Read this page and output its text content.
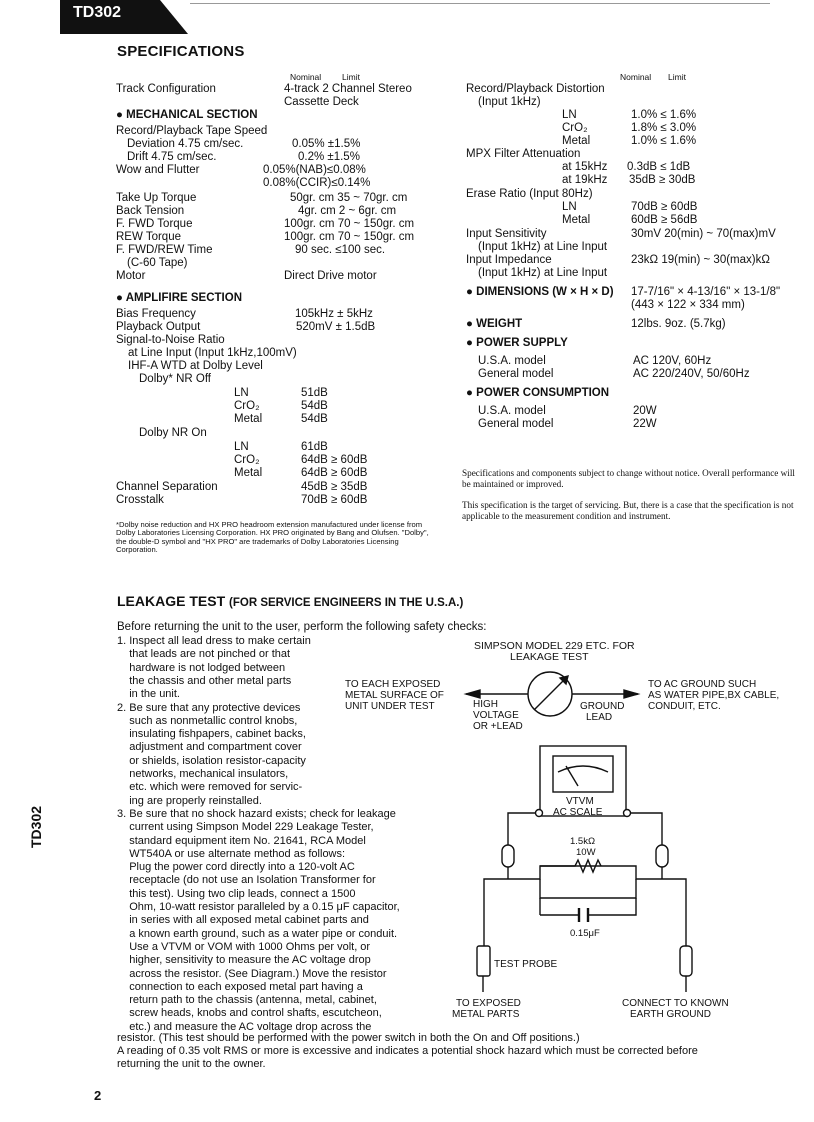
TD302
SPECIFICATIONS
Nominal Limit	Nominal Limit
Track Configuration	4-track 2 Channel Stereo
Cassette Deck
● MECHANICAL SECTION
Record/Playback Tape Speed
Deviation 4.75 cm/sec.	0.05% ±1.5%
Drift 4.75 cm/sec.	0.2% ±1.5%
Wow and Flutter	0.05%(NAB)≤0.08%
0.08%(CCIR)≤0.14%
Take Up Torque	50gr. cm 35 ~ 70gr. cm
Back Tension	4gr. cm 2 ~ 6gr. cm
F. FWD Torque	100gr. cm 70 ~ 150gr. cm
REW Torque	100gr. cm 70 ~ 150gr. cm
F. FWD/REW Time	90 sec. ≤100 sec.
(C-60 Tape)
Motor	Direct Drive motor
● AMPLIFIRE SECTION
Bias Frequency	105kHz ± 5kHz
Playback Output	520mV ± 1.5dB
Signal-to-Noise Ratio
at Line Input (Input 1kHz,100mV)
IHF-A WTD at Dolby Level
Dolby* NR Off
LN	51dB
CrO₂	54dB
Metal	54dB
Dolby NR On
LN	61dB
CrO₂	64dB ≥ 60dB
Metal	64dB ≥ 60dB
Channel Separation	45dB ≥ 35dB
Crosstalk	70dB ≥ 60dB
*Dolby noise reduction and HX PRO headroom extension manufactured under license from Dolby Laboratories Licensing Corporation. HX PRO originated by Bang and Olufsen. "Dolby", the double-D symbol and "HX PRO" are trademarks of Dolby Laboratories Licensing Corporation.
Record/Playback Distortion
(Input 1kHz)
LN	1.0% ≤ 1.6%
CrO₂	1.8% ≤ 3.0%
Metal	1.0% ≤ 1.6%
MPX Filter Attenuation
at 15kHz 0.3dB ≤ 1dB
at 19kHz 35dB ≥ 30dB
Erase Ratio (Input 80Hz)
LN	70dB ≥ 60dB
Metal	60dB ≥ 56dB
Input Sensitivity	30mV 20(min) ~ 70(max)mV
(Input 1kHz) at Line Input
Input Impedance	23kΩ 19(min) ~ 30(max)kΩ
(Input 1kHz) at Line Input
● DIMENSIONS (W × H × D) 17-7/16" × 4-13/16" × 13-1/8"
(443 × 122 × 334 mm)
● WEIGHT	12lbs. 9oz. (5.7kg)
● POWER SUPPLY
U.S.A. model	AC 120V, 60Hz
General model	AC 220/240V, 50/60Hz
● POWER CONSUMPTION
U.S.A. model	20W
General model	22W
Specifications and components subject to change without notice. Overall performance will be maintained or improved.
This specification is the target of servicing. But, there is a case that the specification is not applicable to the measurement condition and instrument.
LEAKAGE TEST (FOR SERVICE ENGINEERS IN THE U.S.A.)
Before returning the unit to the user, perform the following safety checks:
1. Inspect all lead dress to make certain
that leads are not pinched or that
hardware is not lodged between
the chassis and other metal parts
in the unit.
2. Be sure that any protective devices
such as nonmetallic control knobs,
insulating fishpapers, cabinet backs,
adjustment and compartment cover
or shields, isolation resistor-capacity
networks, mechanical insulators,
etc. which were removed for servic-
ing are properly reinstalled.
3. Be sure that no shock hazard exists; check for leakage
current using Simpson Model 229 Leakage Tester,
standard equipment item No. 21641, RCA Model
WT540A or use alternate method as follows:
Plug the power cord directly into a 120-volt AC
receptacle (do not use an Isolation Transformer for
this test). Using two clip leads, connect a 1500
Ohm, 10-watt resistor paralleled by a 0.15 μF capacitor,
in series with all exposed metal cabinet parts and
a known earth ground, such as a water pipe or conduit.
Use a VTVM or VOM with 1000 Ohms per volt, or
higher, sensitivity to measure the AC voltage drop
across the resistor. (See Diagram.) Move the resistor
connection to each exposed metal part having a
return path to the chassis (antenna, metal, cabinet,
screw heads, knobs and control shafts, escutcheon,
etc.) and measure the AC voltage drop across the
resistor. (This test should be performed with the power switch in both the On and Off positions.)
A reading of 0.35 volt RMS or more is excessive and indicates a potential shock hazard which must be corrected before
returning the unit to the owner.
SIMPSON MODEL 229 ETC. FOR
LEAKAGE TEST
TO EACH EXPOSED
METAL SURFACE OF
UNIT UNDER TEST
TO AC GROUND SUCH
AS WATER PIPE,BX CABLE,
CONDUIT, ETC.
HIGH
VOLTAGE
OR +LEAD
GROUND
LEAD
VTVM
AC SCALE
1.5kΩ
10W
0.15μF
TEST PROBE
TO EXPOSED
METAL PARTS
CONNECT TO KNOWN
EARTH GROUND
TD302
2
